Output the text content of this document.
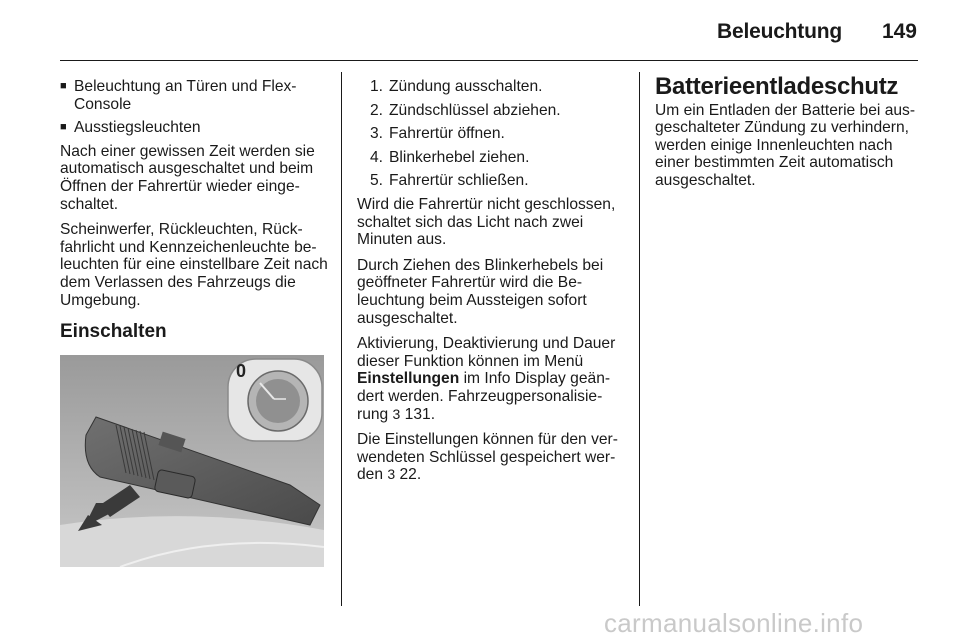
Beleuchtung 149
■ Beleuchtung an Türen und Flex-
Console
■ Ausstiegsleuchten

Nach einer gewissen Zeit werden sie automatisch ausgeschaltet und beim Öffnen der Fahrertür wieder einge-schaltet.

Scheinwerfer, Rückleuchten, Rück-fahrlicht und Kennzeichenleuchte be-leuchten für eine einstellbare Zeit nach dem Verlassen des Fahrzeugs die Umgebung.

Einschalten
0
1. Zündung ausschalten.
2. Zündschlüssel abziehen.
3. Fahrertür öffnen.
4. Blinkerhebel ziehen.
5. Fahrertür schließen.

Wird die Fahrertür nicht geschlossen, schaltet sich das Licht nach zwei Minuten aus.

Durch Ziehen des Blinkerhebels bei geöffneter Fahrertür wird die Be-leuchtung beim Aussteigen sofort ausgeschaltet.

Aktivierung, Deaktivierung und Dauer dieser Funktion können im Menü Einstellungen im Info Display geän-dert werden. Fahrzeugpersonalisie-rung 3 131.

Die Einstellungen können für den ver-wendeten Schlüssel gespeichert wer-den 3 22.

Batterieentladeschutz

Um ein Entladen der Batterie bei aus-geschalteter Zündung zu verhindern, werden einige Innenleuchten nach einer bestimmten Zeit automatisch ausgeschaltet.

carmanualsonline.info
